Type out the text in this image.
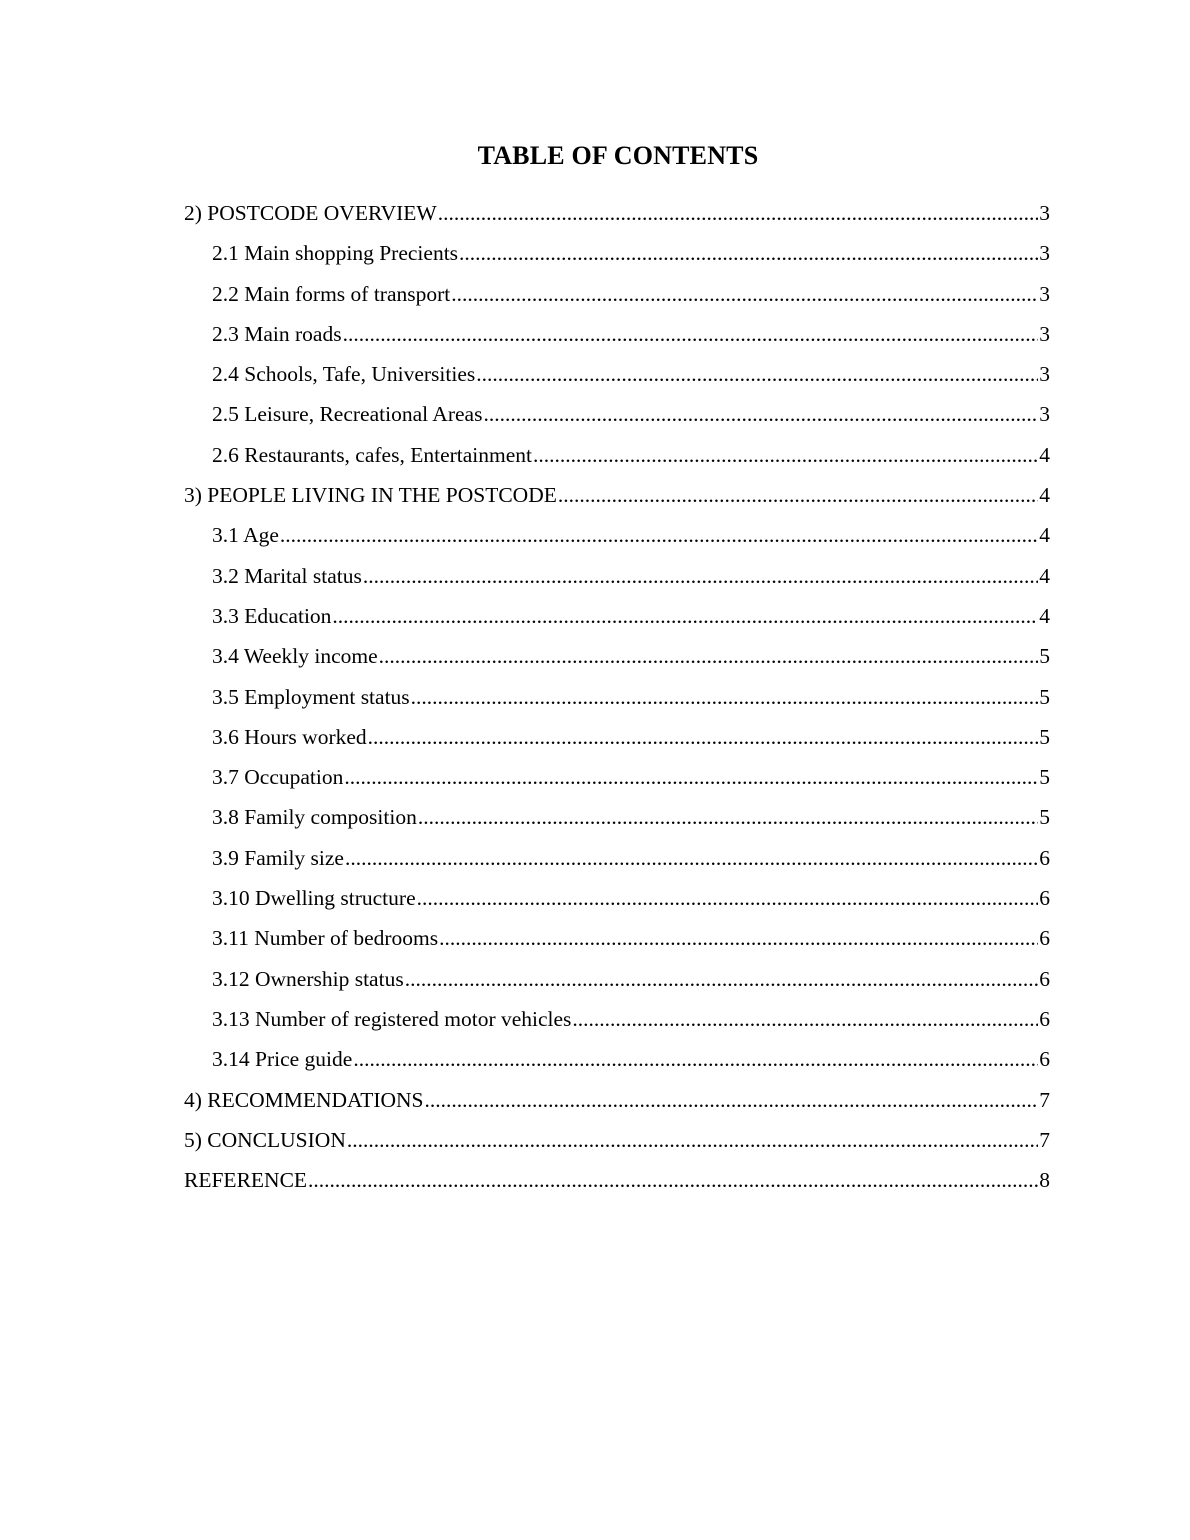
TABLE OF CONTENTS
2) POSTCODE OVERVIEW .....	3
2.1 Main shopping Precients .....	3
2.2 Main forms of transport .....	3
2.3 Main roads .....	3
2.4 Schools, Tafe, Universities .....	3
2.5 Leisure, Recreational Areas .....	3
2.6 Restaurants, cafes, Entertainment .....	4
3) PEOPLE LIVING IN THE POSTCODE .....	4
3.1 Age .....	4
3.2 Marital status .....	4
3.3 Education .....	4
3.4 Weekly income .....	5
3.5 Employment status .....	5
3.6 Hours worked .....	5
3.7 Occupation .....	5
3.8 Family composition .....	5
3.9 Family size .....	6
3.10 Dwelling structure .....	6
3.11 Number of bedrooms .....	6
3.12 Ownership status .....	6
3.13 Number of registered motor vehicles .....	6
3.14 Price guide .....	6
4) RECOMMENDATIONS .....	7
5) CONCLUSION .....	7
REFERENCE .....	8
